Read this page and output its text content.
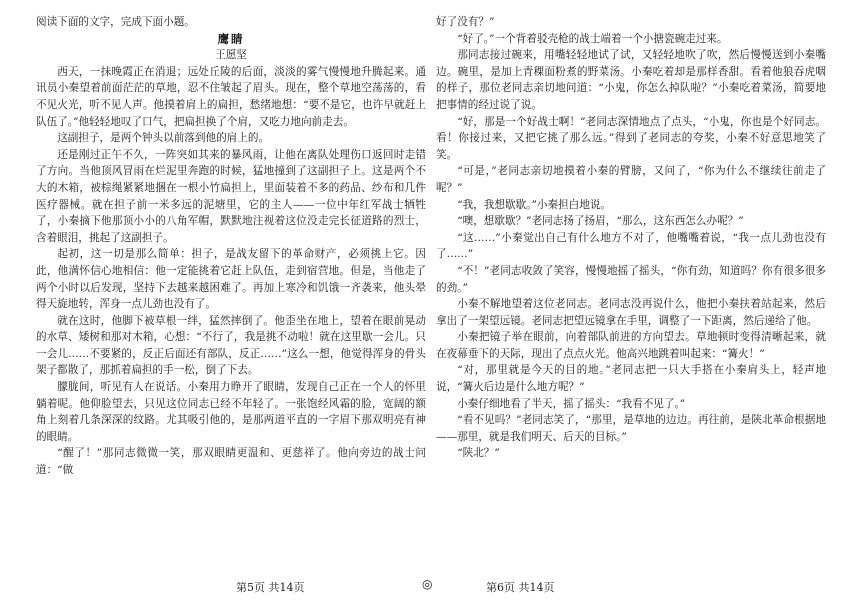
阅读下面的文字，完成下面小题。

鹰睛

王愿坚

西天，一抹晚霞正在消退；远处丘陵的后面，淡淡的雾气慢慢地升腾起来。通讯员小秦望着前面茫茫的草地，忍不住皱起了眉头。现在，整个草地空荡荡的，看不见火光，听不见人声。他摸着肩上的扁担，愁绪地想：“要不是它，也许早就赶上队伍了。”他轻轻地叹了口气，把扁担换了个肩，又吃力地向前走去。

这副担子，是两个钟头以前落到他的肩上的。

还是刚过正午不久，一阵突如其来的暴风雨，让他在离队处理伤口返回时走错了方向。当他顶风冒雨在烂泥里奔跑的时候，猛地撞到了这副担子上。这是两个不大的木箱，被棕绳紧紧地捆在一根小竹扁担上，里面装着不多的药品、纱布和几件医疗器械。就在担子前一米多远的泥塘里，它的主人——一位中年红军战士牺牲了，小秦摘下他那顶小小的八角军帽，默默地注视着这位没走完长征道路的烈士，含着眼泪，挑起了这副担子。

起初，这一切是那么简单：担子，是战友留下的革命财产，必须挑上它。因此，他满怀信心地相信：他一定能挑着它赶上队伍，走到宿营地。但是，当他走了两个小时以后发现，坚持下去越来越困难了。再加上寒冷和饥饿一齐袭来，他头晕得天旋地转，浑身一点儿劲也没有了。

就在这时，他脚下被草根一绊，猛然摔倒了。他歪坐在地上，望着在眼前晃动的水草、矮树和那对木箱，心想：“不行了，我是挑不动啦！就在这里歇一会儿。只一会儿……不要紧的，反正后面还有部队，反正……”这么一想，他觉得浑身的骨头架子都散了，那抓着扁担的手一松，倒了下去。

朦胧间，听见有人在说话。小秦用力睁开了眼睛，发现自己正在一个人的怀里躺着呢。他仰脸望去，只见这位同志已经不年轻了。一张饱经风霜的脸，宽阔的额角上刻着几条深深的纹路。尤其吸引他的，是那两道平直的一字眉下那双明亮有神的眼睛。

“醒了！”那同志微微一笑，那双眼睛更温和、更慈祥了。他向旁边的战士问道：“做

好了没有？”

“好了。”一个背着驳壳枪的战士端着一个小搪瓷碗走过来。

那同志接过碗来，用嘴轻轻地试了试，又轻轻地吹了吹，然后慢慢送到小秦嘴边。碗里，是加上青稞面粉煮的野菜汤。小秦吃着却是那样香甜。看着他狼吞虎咽的样子，那位老同志亲切地问道：“小鬼，你怎么掉队啦？”小秦吃着菜汤，简要地把事情的经过说了说。

“好，那是一个好战士啊！”老同志深情地点了点头，“小鬼，你也是个好同志。看！你接过来，又把它挑了那么远。”得到了老同志的夸奖，小秦不好意思地笑了笑。

“可是，”老同志亲切地摸着小秦的臂膀，又问了，“你为什么不继续往前走了呢？”

“我，我想歇歇。”小秦担白地说。

“噢，想歇歇？”老同志扬了扬眉，“那么，这东西怎么办呢？”

“这……”小秦觉出自己有什么地方不对了，他嘴嘴着说，“我一点儿劲也没有了……”

“不！”老同志收敛了笑容，慢慢地摇了摇头，“你有劲，知道吗？你有很多很多的劲。”

小秦不解地望着这位老同志。老同志没再说什么，他把小秦扶着站起来，然后拿出了一架望远镜。老同志把望远镜拿在手里，调整了一下距离，然后递给了他。

小秦把镜子举在眼前，向着部队前进的方向望去。草地顿时变得清晰起来，就在夜幕垂下的天际，现出了点点火光。他高兴地跳着叫起来：“篝火！”

“对，那里就是今天的目的地。”老同志把一只大手搭在小秦肩头上，轻声地说，“篝火后边是什么地方呢？”

小秦仔细地看了半天，摇了摇头：“我看不见了。”

“看不见吗？”老同志笑了，“那里，是草地的边边。再往前，是陕北革命根据地——那里，就是我们明天、后天的目标。”

“陕北？”

第5页 共14页	◎	第6页 共14页
